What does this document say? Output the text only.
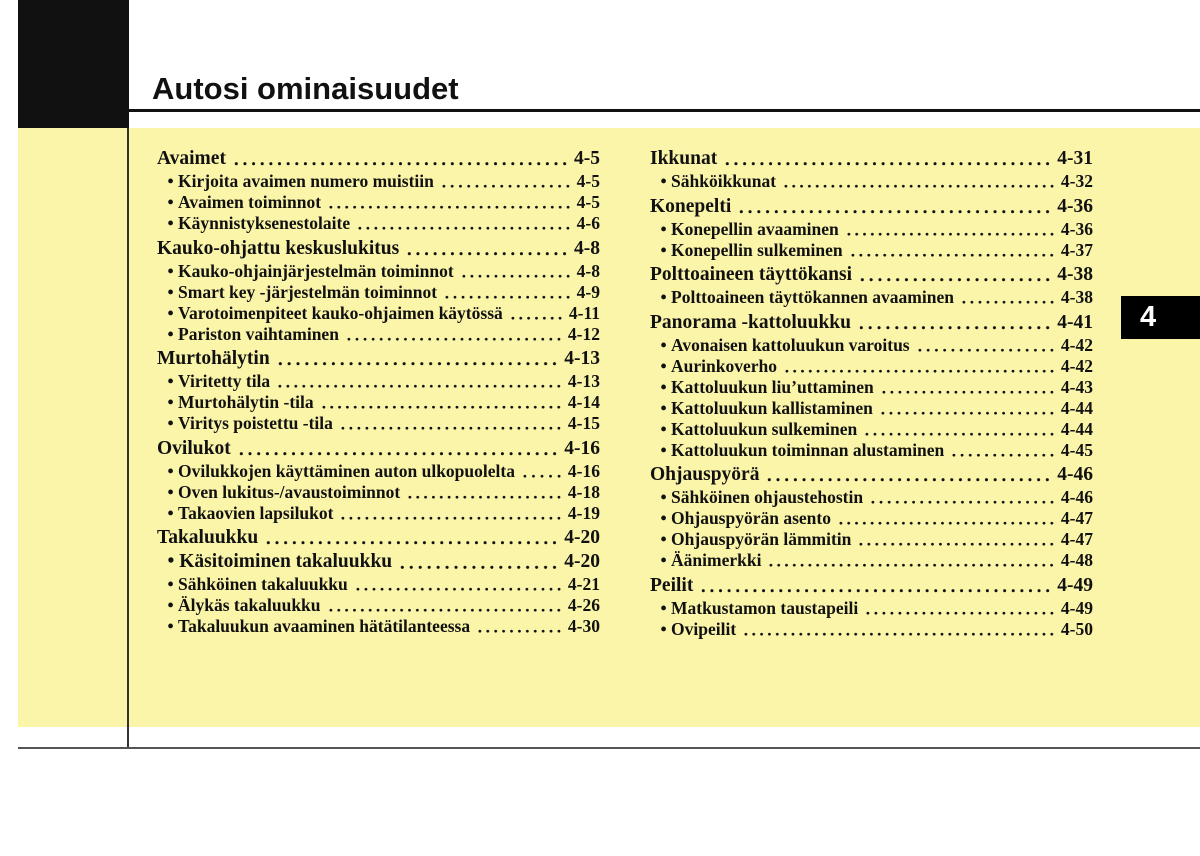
Autosi ominaisuudet
Avaimet	4-5
• Kirjoita avaimen numero muistiin	4-5
• Avaimen toiminnot	4-5
• Käynnistyksenestolaite	4-6
Kauko-ohjattu keskuslukitus	4-8
• Kauko-ohjainjärjestelmän toiminnot	4-8
• Smart key -järjestelmän toiminnot	4-9
• Varotoimenpiteet kauko-ohjaimen käytössä	4-11
• Pariston vaihtaminen	4-12
Murtohälytin	4-13
• Viritetty tila	4-13
• Murtohälytin -tila	4-14
• Viritys poistettu -tila	4-15
Ovilukot	4-16
• Ovilukkojen käyttäminen auton ulkopuolelta	4-16
• Oven lukitus-/avaustoiminnot	4-18
• Takaovien lapsilukot	4-19
Takaluukku	4-20
• Käsitoiminen takaluukku	4-20
• Sähköinen takaluukku	4-21
• Älykäs takaluukku	4-26
• Takaluukun avaaminen hätätilanteessa	4-30
Ikkunat	4-31
• Sähköikkunat	4-32
Konepelti	4-36
• Konepellin avaaminen	4-36
• Konepellin sulkeminen	4-37
Polttoaineen täyttökansi	4-38
• Polttoaineen täyttökannen avaaminen	4-38
Panorama -kattoluukku	4-41
• Avonaisen kattoluukun varoitus	4-42
• Aurinkoverho	4-42
• Kattoluukun liu’uttaminen	4-43
• Kattoluukun kallistaminen	4-44
• Kattoluukun sulkeminen	4-44
• Kattoluukun toiminnan alustaminen	4-45
Ohjauspyörä	4-46
• Sähköinen ohjaustehostin	4-46
• Ohjauspyörän asento	4-47
• Ohjauspyörän lämmitin	4-47
• Äänimerkki	4-48
Peilit	4-49
• Matkustamon taustapeili	4-49
• Ovipeilit	4-50
4
